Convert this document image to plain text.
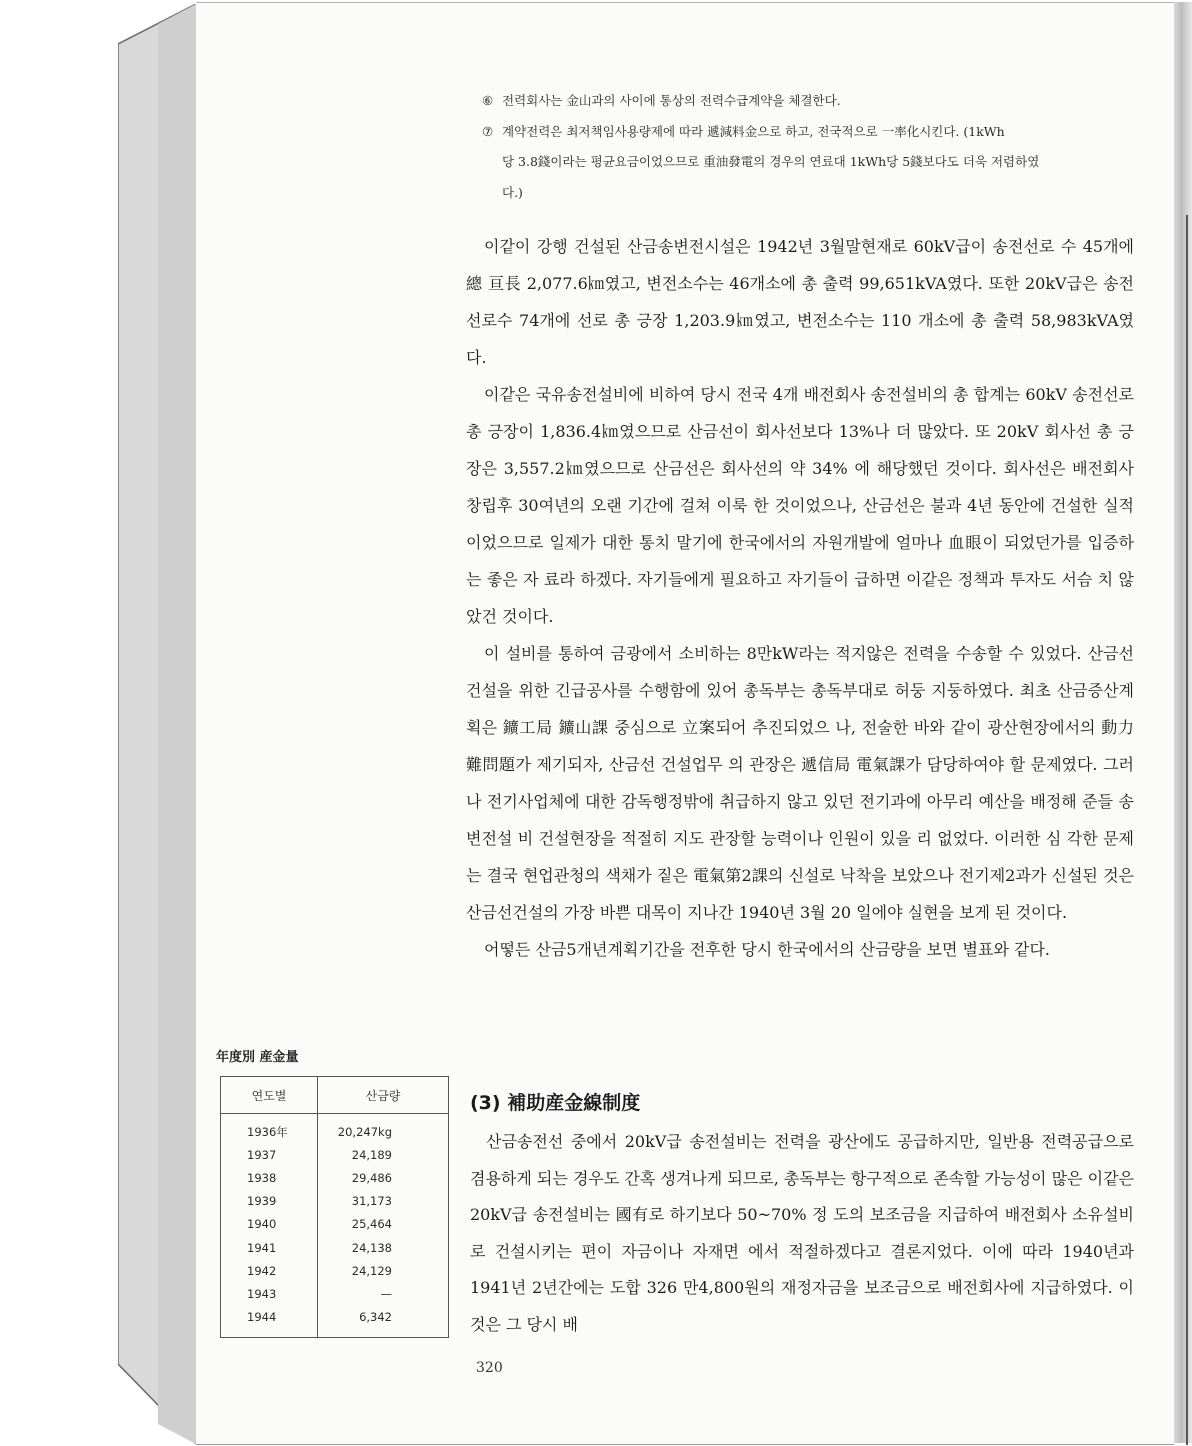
⑥ 전력회사는 金山과의 사이에 통상의 전력수급계약을 체결한다.

⑦ 계약전력은 최저책임사용량제에 따라 遞減料金으로 하고, 전국적으로 一率化시킨다. (1kWh

당 3.8錢이라는 평균요금이었으므로 重油發電의 경우의 연료대 1kWh당 5錢보다도 더욱 저렴하였

다.)

이같이 강행 건설된 산금송변전시설은 1942년 3월말현재로 60kV급이 송전선로 수 45개에 總 亘長 2,077.6㎞였고, 변전소수는 46개소에 총 출력 99,651kVA였다. 또한 20kV급은 송전선로수 74개에 선로 총 긍장 1,203.9㎞였고, 변전소수는 110 개소에 총 출력 58,983kVA였다.

이같은 국유송전설비에 비하여 당시 전국 4개 배전회사 송전설비의 총 합계는 60kV 송전선로 총 긍장이 1,836.4㎞였으므로 산금선이 회사선보다 13%나 더 많았다. 또 20kV 회사선 총 긍장은 3,557.2㎞였으므로 산금선은 회사선의 약 34% 에 해당했던 것이다. 회사선은 배전회사 창립후 30여년의 오랜 기간에 걸쳐 이룩 한 것이었으나, 산금선은 불과 4년 동안에 건설한 실적이었으므로 일제가 대한 통치 말기에 한국에서의 자원개발에 얼마나 血眼이 되었던가를 입증하는 좋은 자 료라 하겠다. 자기들에게 필요하고 자기들이 급하면 이같은 정책과 투자도 서슴 치 않았건 것이다.

이 설비를 통하여 금광에서 소비하는 8만kW라는 적지않은 전력을 수송할 수 있었다. 산금선건설을 위한 긴급공사를 수행함에 있어 총독부는 총독부대로 허둥 지둥하였다. 최초 산금증산계획은 鑛工局 鑛山課 중심으로 立案되어 추진되었으 나, 전술한 바와 같이 광산현장에서의 動力難問題가 제기되자, 산금선 건설업무 의 관장은 遞信局 電氣課가 담당하여야 할 문제였다. 그러나 전기사업체에 대한 감독행정밖에 취급하지 않고 있던 전기과에 아무리 예산을 배정해 준들 송변전설 비 건설현장을 적절히 지도 관장할 능력이나 인원이 있을 리 없었다. 이러한 심 각한 문제는 결국 현업관청의 색채가 짙은 電氣第2課의 신설로 낙착을 보았으나 전기제2과가 신설된 것은 산금선건설의 가장 바쁜 대목이 지나간 1940년 3월 20 일에야 실현을 보게 된 것이다.

어떻든 산금5개년계획기간을 전후한 당시 한국에서의 산금량을 보면 별표와 같다.

(3) 補助産金線制度

산금송전선 중에서 20kV급 송전설비는 전력을 광산에도 공급하지만, 일반용 전력공급으로 겸용하게 되는 경우도 간혹 생겨나게 되므로, 총독부는 항구적으로 존속할 가능성이 많은 이같은 20kV급 송전설비는 國有로 하기보다 50~70% 정 도의 보조금을 지급하여 배전회사 소유설비로 건설시키는 편이 자금이나 자재면 에서 적절하겠다고 결론지었다. 이에 따라 1940년과 1941년 2년간에는 도합 326 만4,800원의 재정자금을 보조금으로 배전회사에 지급하였다. 이것은 그 당시 배

年度別 産金量
연도별	산금량
1936年	20,247kg
1937	24,189
1938	29,486
1939	31,173
1940	25,464
1941	24,138
1942	24,129
1943	—
1944	6,342
320
